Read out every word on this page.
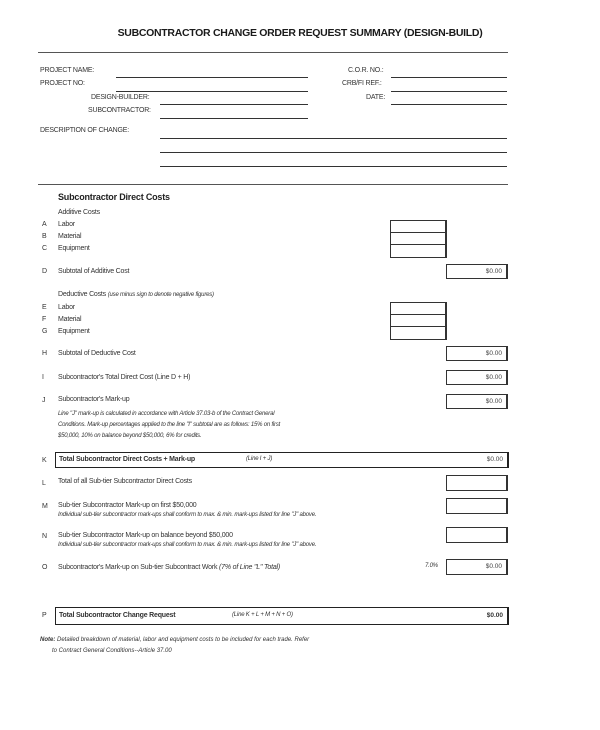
SUBCONTRACTOR CHANGE ORDER REQUEST SUMMARY (DESIGN-BUILD)
PROJECT NAME:
PROJECT NO:
DESIGN-BUILDER:
SUBCONTRACTOR:
DESCRIPTION OF CHANGE:
C.O.R. NO.:
CRB/FI REF.:
DATE:
Subcontractor Direct Costs
Additive Costs
A Labor
B Material
C Equipment
D Subtotal of Additive Cost	$0.00
Deductive Costs (use minus sign to denote negative figures)
E Labor
F Material
G Equipment
H Subtotal of Deductive Cost	$0.00
I Subcontractor's Total Direct Cost (Line D + H)	$0.00
J Subcontractor's Mark-up	$0.00
Line "J" mark-up is calculated in accordance with Article 37.03-b of the Contract General
Conditions. Mark-up percentages applied to the line "I" subtotal are as follows: 15% on first
$50,000, 10% on balance beyond $50,000, 6% for credits.
K Total Subcontractor Direct Costs + Mark-up	(Line I + J)	$0.00
L Total of all Sub-tier Subcontractor Direct Costs
M Sub-tier Subcontractor Mark-up on first $50,000
Individual sub-tier subcontractor mark-ups shall conform to max. & min. mark-ups listed for line "J" above.
N Sub-tier Subcontractor Mark-up on balance beyond $50,000
Individual sub-tier subcontractor mark-ups shall conform to max. & min. mark-ups listed for line "J" above.
O Subcontractor's Mark-up on Sub-tier Subcontract Work (7% of Line "L" Total)	7.0%	$0.00
P Total Subcontractor Change Request	(Line K + L + M + N + O)	$0.00
Note: Detailed breakdown of material, labor and equipment costs to be included for each trade. Refer
to Contract General Conditions--Article 37.00
